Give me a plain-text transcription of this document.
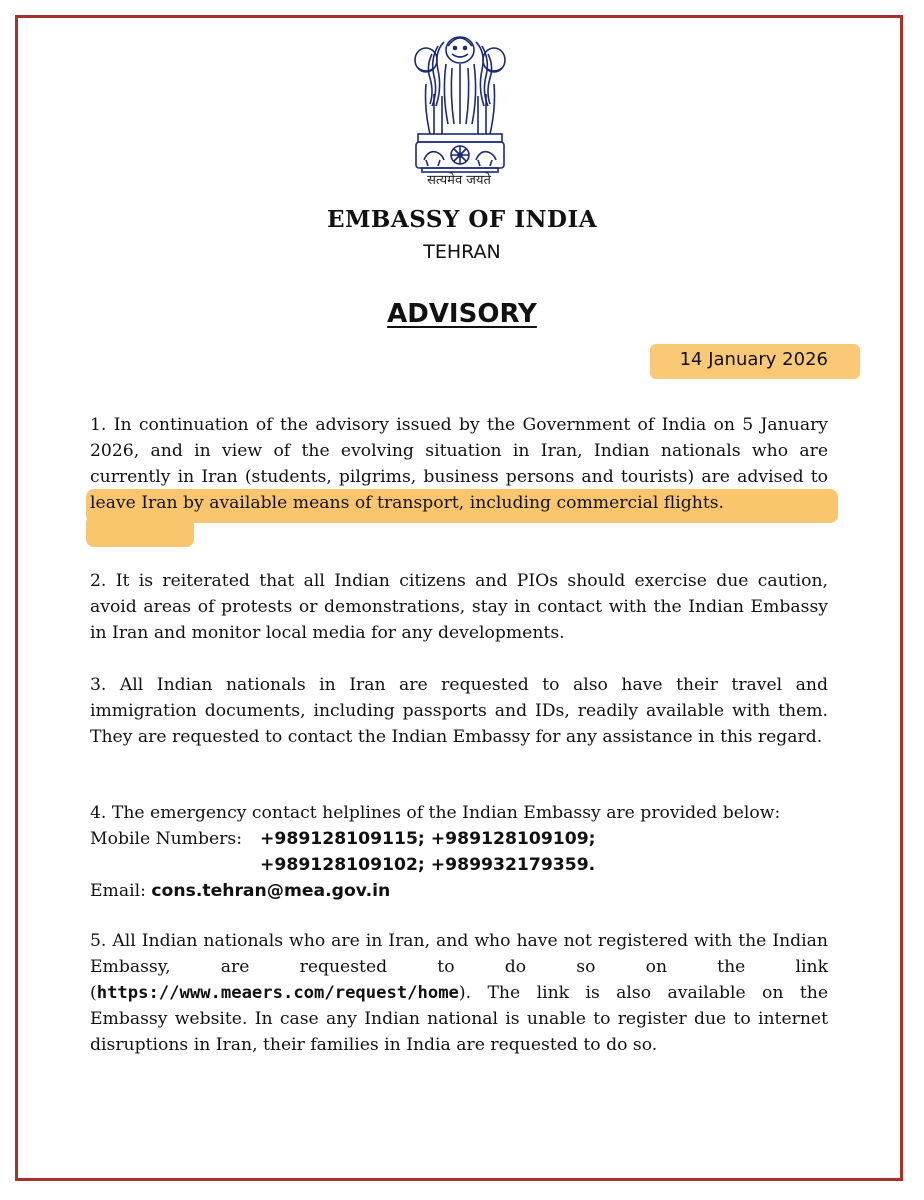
सत्यमेव जयते
EMBASSY OF INDIA
TEHRAN
ADVISORY
14 January 2026
1. In continuation of the advisory issued by the Government of India on 5 January 2026, and in view of the evolving situation in Iran, Indian nationals who are currently in Iran (students, pilgrims, business persons and tourists) are advised to leave Iran by available means of transport, including commercial flights.
2. It is reiterated that all Indian citizens and PIOs should exercise due caution, avoid areas of protests or demonstrations, stay in contact with the Indian Embassy in Iran and monitor local media for any developments.
3. All Indian nationals in Iran are requested to also have their travel and immigration documents, including passports and IDs, readily available with them. They are requested to contact the Indian Embassy for any assistance in this regard.
4. The emergency contact helplines of the Indian Embassy are provided below:
Mobile Numbers: +989128109115; +989128109109;
+989128109102; +989932179359.
Email: cons.tehran@mea.gov.in
5. All Indian nationals who are in Iran, and who have not registered with the Indian Embassy, are requested to do so on the link (https://www.meaers.com/request/home). The link is also available on the Embassy website. In case any Indian national is unable to register due to internet disruptions in Iran, their families in India are requested to do so.
